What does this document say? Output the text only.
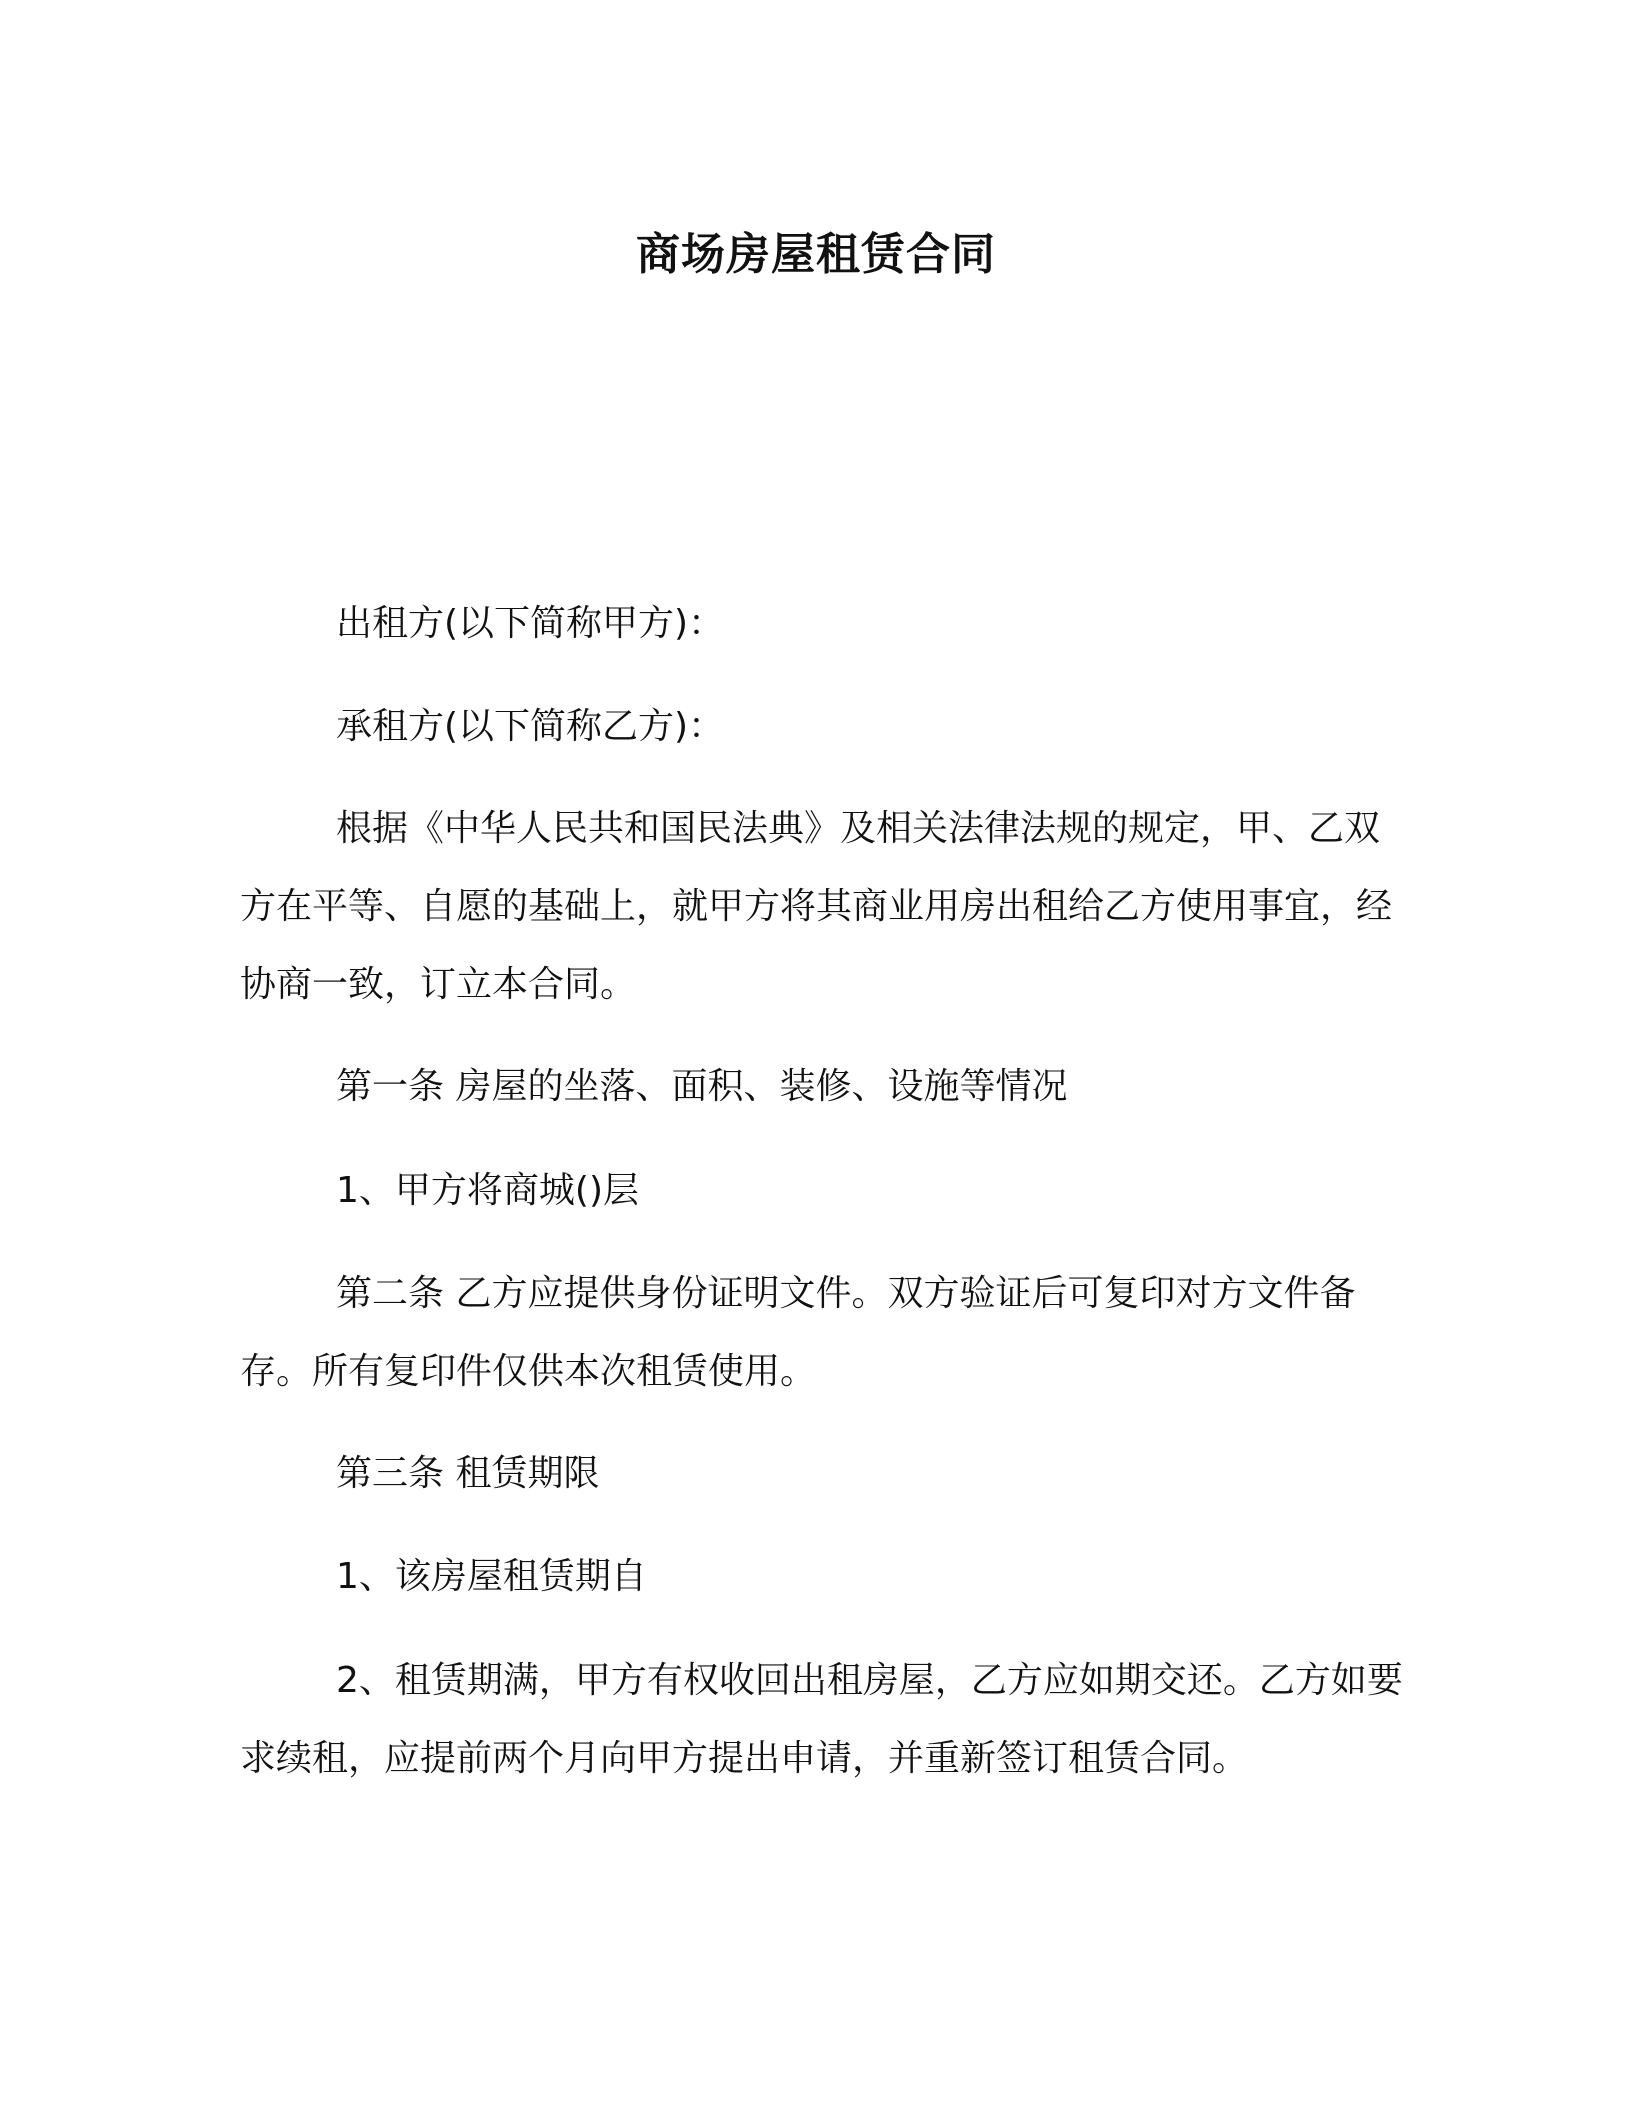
商场房屋租赁合同

出租方(以下简称甲方)：

承租方(以下简称乙方)：

根据《中华人民共和国民法典》及相关法律法规的规定，甲、乙双方在平等、自愿的基础上，就甲方将其商业用房出租给乙方使用事宜，经协商一致，订立本合同。

第一条 房屋的坐落、面积、装修、设施等情况

1、甲方将商城()层

第二条 乙方应提供身份证明文件。双方验证后可复印对方文件备存。所有复印件仅供本次租赁使用。

第三条 租赁期限

1、该房屋租赁期自

2、租赁期满，甲方有权收回出租房屋，乙方应如期交还。乙方如要求续租，应提前两个月向甲方提出申请，并重新签订租赁合同。
